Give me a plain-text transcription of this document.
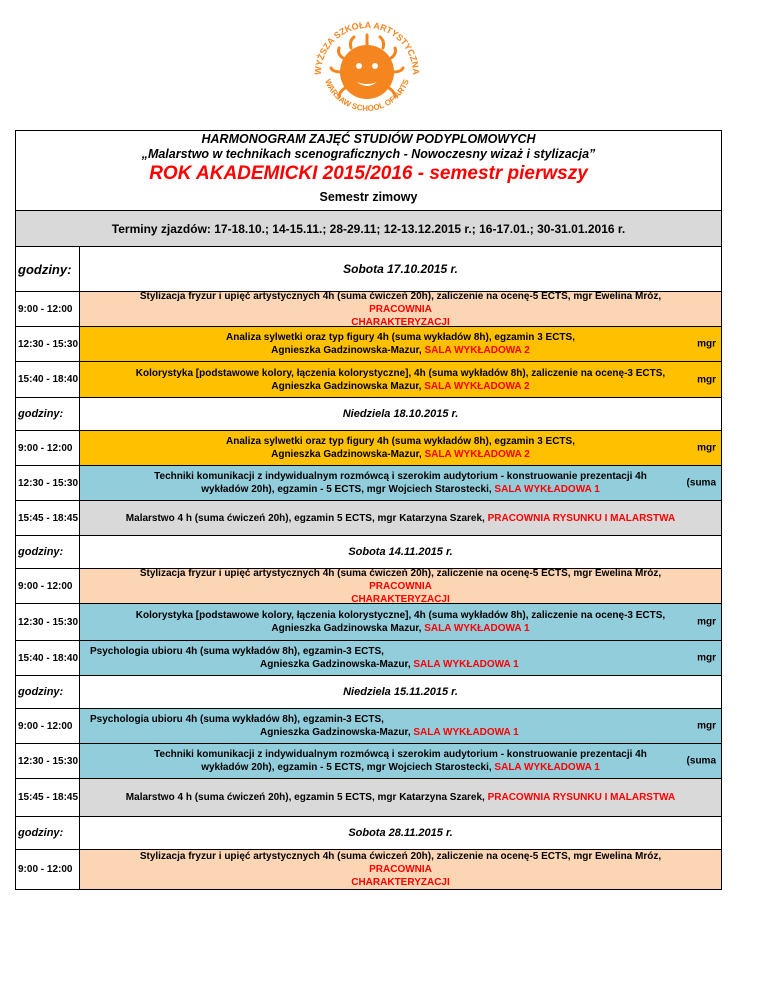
WYŻSZA SZKOŁA ARTYSTYCZNA
WARSAW SCHOOL OF ARTS
HARMONOGRAM ZAJĘĆ STUDIÓW PODYPLOMOWYCH
„Malarstwo w technikach scenograficznych - Nowoczesny wizaż i stylizacja”
ROK AKADEMICKI 2015/2016 - semestr pierwszy
Semestr zimowy
Terminy zjazdów: 17-18.10.; 14-15.11.; 28-29.11; 12-13.12.2015 r.; 16-17.01.; 30-31.01.2016 r.
godziny:	Sobota 17.10.2015 r.
9:00 - 12:00
Stylizacja fryzur i upięć artystycznych 4h (suma ćwiczeń 20h), zaliczenie na ocenę-5 ECTS, mgr Ewelina Mróz, PRACOWNIA
CHARAKTERYZACJI
12:30 - 15:30
Analiza sylwetki oraz typ figury 4h (suma wykładów 8h), egzamin 3 ECTS,
Agnieszka Gadzinowska-Mazur, SALA WYKŁADOWA 2
mgr
15:40 - 18:40
Kolorystyka [podstawowe kolory, łączenia kolorystyczne], 4h (suma wykładów 8h), zaliczenie na ocenę-3 ECTS,
Agnieszka Gadzinowska Mazur, SALA WYKŁADOWA 2
mgr
godziny:	Niedziela 18.10.2015 r.
9:00 - 12:00
Analiza sylwetki oraz typ figury 4h (suma wykładów 8h), egzamin 3 ECTS,
Agnieszka Gadzinowska-Mazur, SALA WYKŁADOWA 2
mgr
12:30 - 15:30
Techniki komunikacji z indywidualnym rozmówcą i szerokim audytorium - konstruowanie prezentacji 4h
wykładów 20h), egzamin - 5 ECTS, mgr Wojciech Starostecki, SALA WYKŁADOWA 1
(suma
15:45 - 18:45	Malarstwo 4 h (suma ćwiczeń 20h), egzamin 5 ECTS, mgr Katarzyna Szarek, PRACOWNIA RYSUNKU I MALARSTWA
godziny:	Sobota 14.11.2015 r.
9:00 - 12:00
Stylizacja fryzur i upięć artystycznych 4h (suma ćwiczeń 20h), zaliczenie na ocenę-5 ECTS, mgr Ewelina Mróz, PRACOWNIA
CHARAKTERYZACJI
12:30 - 15:30
Kolorystyka [podstawowe kolory, łączenia kolorystyczne], 4h (suma wykładów 8h), zaliczenie na ocenę-3 ECTS,
Agnieszka Gadzinowska Mazur, SALA WYKŁADOWA 1
mgr
15:40 - 18:40
Psychologia ubioru 4h (suma wykładów 8h), egzamin-3 ECTS,
Agnieszka Gadzinowska-Mazur, SALA WYKŁADOWA 1
mgr
godziny:	Niedziela 15.11.2015 r.
9:00 - 12:00
Psychologia ubioru 4h (suma wykładów 8h), egzamin-3 ECTS,
Agnieszka Gadzinowska-Mazur, SALA WYKŁADOWA 1
mgr
12:30 - 15:30
Techniki komunikacji z indywidualnym rozmówcą i szerokim audytorium - konstruowanie prezentacji 4h
wykładów 20h), egzamin - 5 ECTS, mgr Wojciech Starostecki, SALA WYKŁADOWA 1
(suma
15:45 - 18:45	Malarstwo 4 h (suma ćwiczeń 20h), egzamin 5 ECTS, mgr Katarzyna Szarek, PRACOWNIA RYSUNKU I MALARSTWA
godziny:	Sobota 28.11.2015 r.
9:00 - 12:00
Stylizacja fryzur i upięć artystycznych 4h (suma ćwiczeń 20h), zaliczenie na ocenę-5 ECTS, mgr Ewelina Mróz, PRACOWNIA
CHARAKTERYZACJI
